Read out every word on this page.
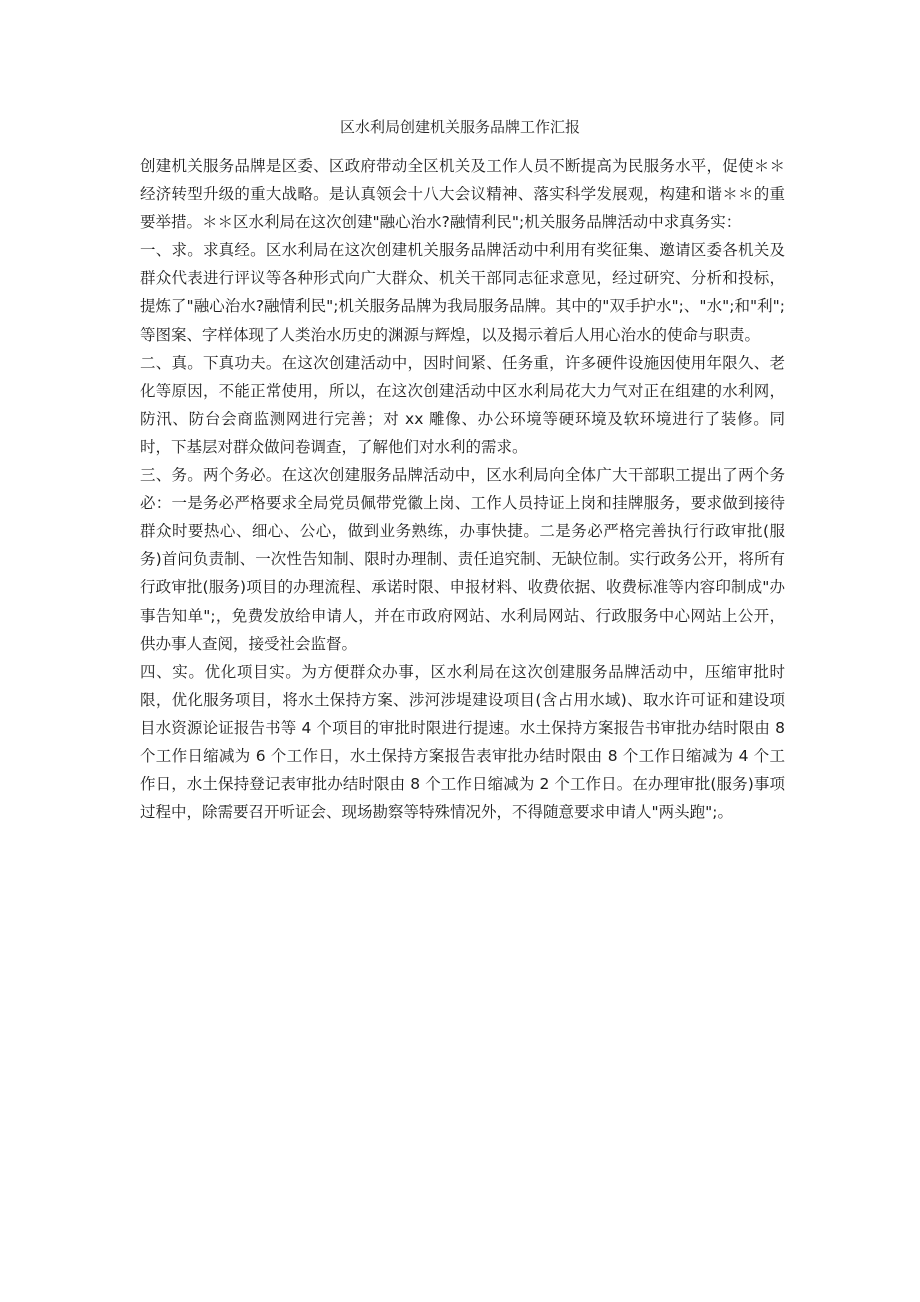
区水利局创建机关服务品牌工作汇报

创建机关服务品牌是区委、区政府带动全区机关及工作人员不断提高为民服务水平，促使＊＊经济转型升级的重大战略。是认真领会十八大会议精神、落实科学发展观，构建和谐＊＊的重要举措。＊＊区水利局在这次创建"融心治水?融情利民";机关服务品牌活动中求真务实：

一、求。求真经。区水利局在这次创建机关服务品牌活动中利用有奖征集、邀请区委各机关及群众代表进行评议等各种形式向广大群众、机关干部同志征求意见，经过研究、分析和投标，提炼了"融心治水?融情利民";机关服务品牌为我局服务品牌。其中的"双手护水";、"水";和"利";等图案、字样体现了人类治水历史的渊源与辉煌，以及揭示着后人用心治水的使命与职责。

二、真。下真功夫。在这次创建活动中，因时间紧、任务重，许多硬件设施因使用年限久、老化等原因，不能正常使用，所以，在这次创建活动中区水利局花大力气对正在组建的水利网，防汛、防台会商监测网进行完善；对 xx 雕像、办公环境等硬环境及软环境进行了装修。同时，下基层对群众做问卷调查，了解他们对水利的需求。

三、务。两个务必。在这次创建服务品牌活动中，区水利局向全体广大干部职工提出了两个务必：一是务必严格要求全局党员佩带党徽上岗、工作人员持证上岗和挂牌服务，要求做到接待群众时要热心、细心、公心，做到业务熟练，办事快捷。二是务必严格完善执行行政审批(服务)首问负责制、一次性告知制、限时办理制、责任追究制、无缺位制。实行政务公开，将所有行政审批(服务)项目的办理流程、承诺时限、申报材料、收费依据、收费标准等内容印制成"办事告知单";，免费发放给申请人，并在市政府网站、水利局网站、行政服务中心网站上公开，供办事人查阅，接受社会监督。

四、实。优化项目实。为方便群众办事，区水利局在这次创建服务品牌活动中，压缩审批时限，优化服务项目，将水土保持方案、涉河涉堤建设项目(含占用水域)、取水许可证和建设项目水资源论证报告书等 4 个项目的审批时限进行提速。水土保持方案报告书审批办结时限由 8 个工作日缩减为 6 个工作日，水土保持方案报告表审批办结时限由 8 个工作日缩减为 4 个工作日，水土保持登记表审批办结时限由 8 个工作日缩减为 2 个工作日。在办理审批(服务)事项过程中，除需要召开听证会、现场勘察等特殊情况外，不得随意要求申请人"两头跑";。
